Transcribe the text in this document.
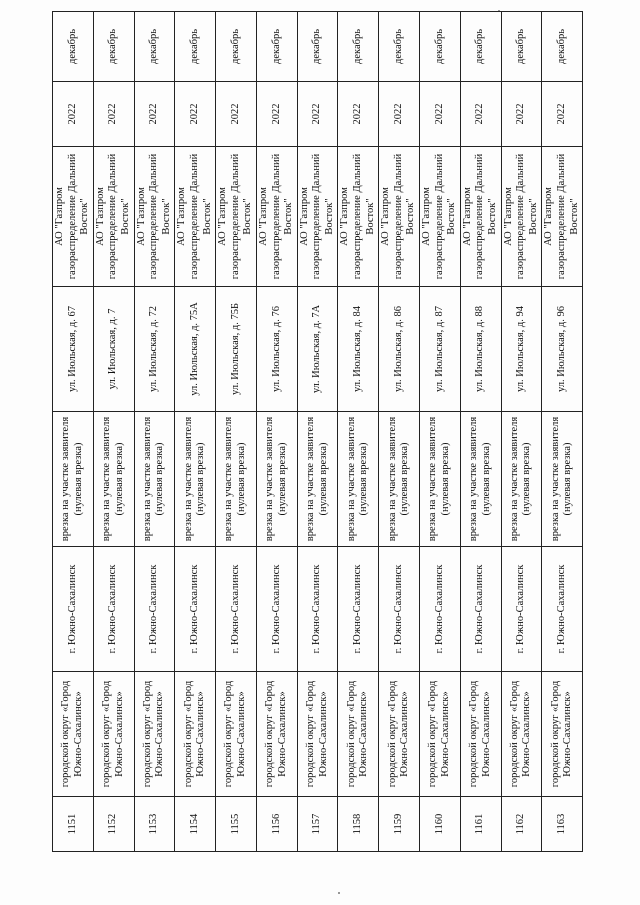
1151	городской округ «Город Южно-Сахалинск»	г. Южно-Сахалинск	врезка на участке заявителя (нулевая врезка)	ул. Июльская, д. 67	АО "Газпром газораспределение Дальний Восток"	2022	декабрь
1152	городской округ «Город Южно-Сахалинск»	г. Южно-Сахалинск	врезка на участке заявителя (нулевая врезка)	ул. Июльская, д. 7	АО "Газпром газораспределение Дальний Восток"	2022	декабрь
1153	городской округ «Город Южно-Сахалинск»	г. Южно-Сахалинск	врезка на участке заявителя (нулевая врезка)	ул. Июльская, д. 72	АО "Газпром газораспределение Дальний Восток"	2022	декабрь
1154	городской округ «Город Южно-Сахалинск»	г. Южно-Сахалинск	врезка на участке заявителя (нулевая врезка)	ул. Июльская, д. 75А	АО "Газпром газораспределение Дальний Восток"	2022	декабрь
1155	городской округ «Город Южно-Сахалинск»	г. Южно-Сахалинск	врезка на участке заявителя (нулевая врезка)	ул. Июльская, д. 75Б	АО "Газпром газораспределение Дальний Восток"	2022	декабрь
1156	городской округ «Город Южно-Сахалинск»	г. Южно-Сахалинск	врезка на участке заявителя (нулевая врезка)	ул. Июльская, д. 76	АО "Газпром газораспределение Дальний Восток"	2022	декабрь
1157	городской округ «Город Южно-Сахалинск»	г. Южно-Сахалинск	врезка на участке заявителя (нулевая врезка)	ул. Июльская, д. 7А	АО "Газпром газораспределение Дальний Восток"	2022	декабрь
1158	городской округ «Город Южно-Сахалинск»	г. Южно-Сахалинск	врезка на участке заявителя (нулевая врезка)	ул. Июльская, д. 84	АО "Газпром газораспределение Дальний Восток"	2022	декабрь
1159	городской округ «Город Южно-Сахалинск»	г. Южно-Сахалинск	врезка на участке заявителя (нулевая врезка)	ул. Июльская, д. 86	АО "Газпром газораспределение Дальний Восток"	2022	декабрь
1160	городской округ «Город Южно-Сахалинск»	г. Южно-Сахалинск	врезка на участке заявителя (нулевая врезка)	ул. Июльская, д. 87	АО "Газпром газораспределение Дальний Восток"	2022	декабрь
1161	городской округ «Город Южно-Сахалинск»	г. Южно-Сахалинск	врезка на участке заявителя (нулевая врезка)	ул. Июльская, д. 88	АО "Газпром газораспределение Дальний Восток"	2022	декабрь
1162	городской округ «Город Южно-Сахалинск»	г. Южно-Сахалинск	врезка на участке заявителя (нулевая врезка)	ул. Июльская, д. 94	АО "Газпром газораспределение Дальний Восток"	2022	декабрь
1163	городской округ «Город Южно-Сахалинск»	г. Южно-Сахалинск	врезка на участке заявителя (нулевая врезка)	ул. Июльская, д. 96	АО "Газпром газораспределение Дальний Восток"	2022	декабрь
